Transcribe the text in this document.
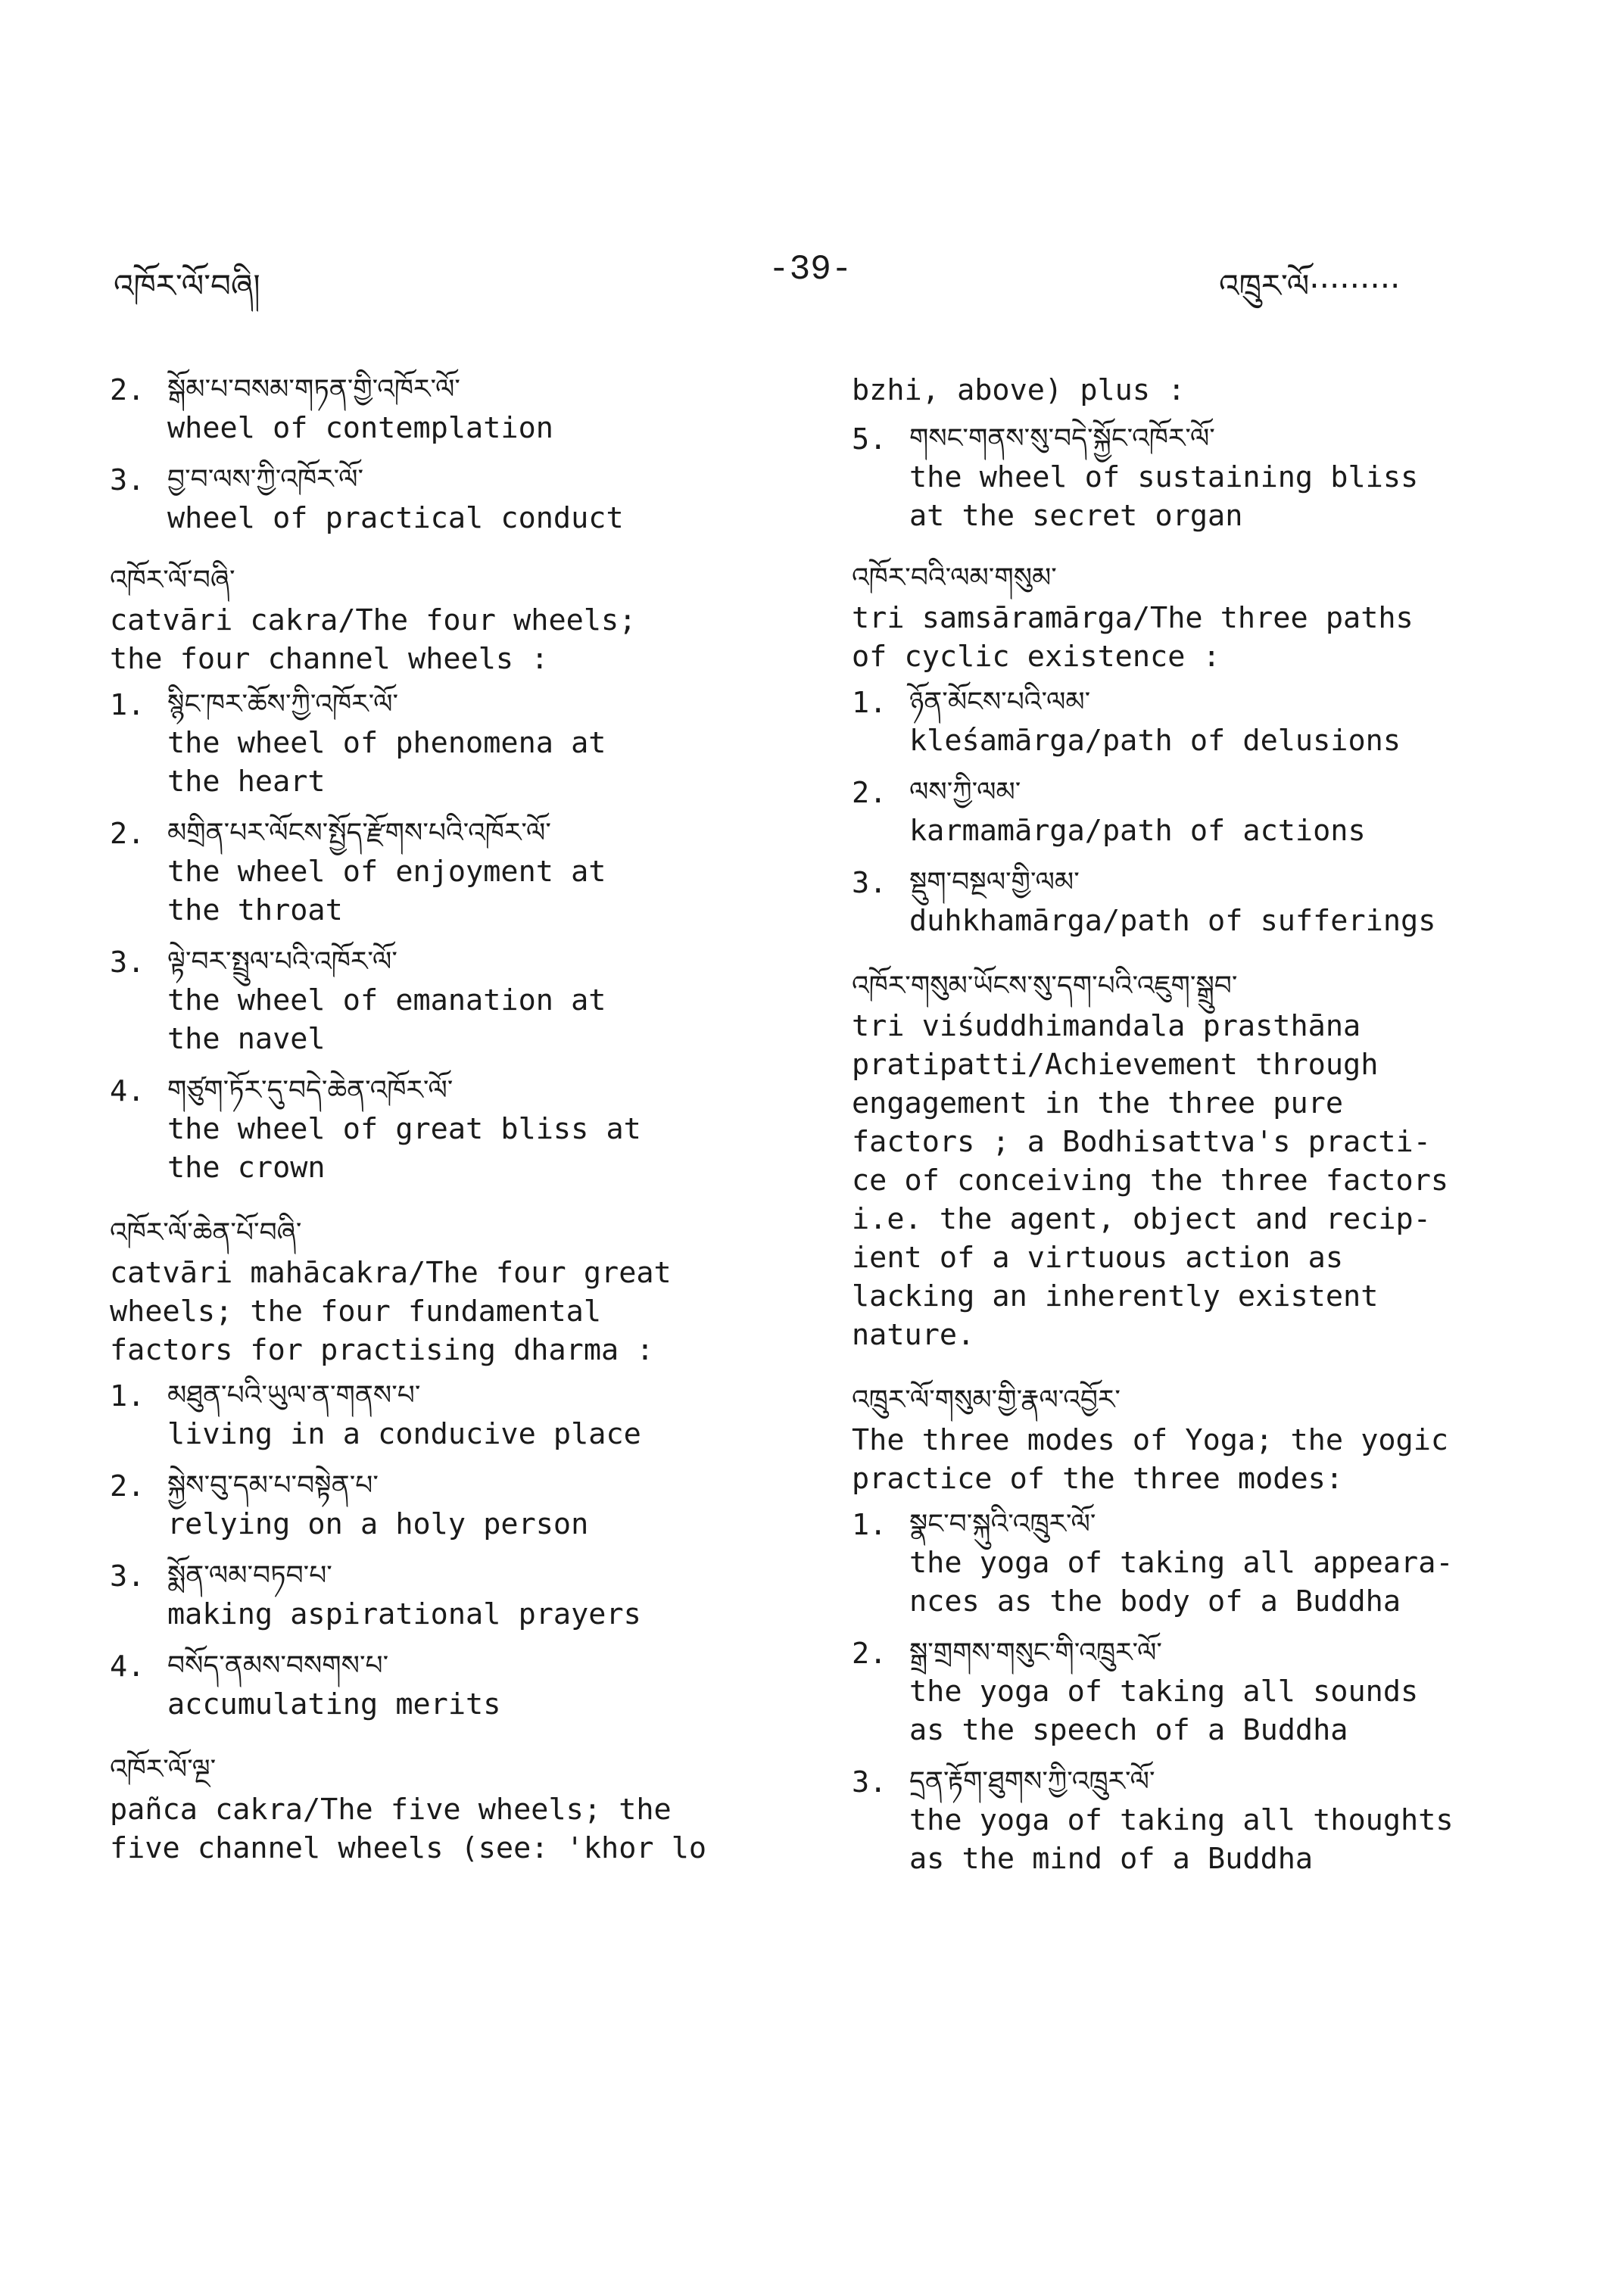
འཁོར་ལོ་བཞི།	-39-	འཁྲུར་ལོ·········
2. སྒོམ་པ་བསམ་གཏན་གྱི་འཁོར་ལོ་
wheel of contemplation
3. བྱ་བ་ལས་ཀྱི་འཁོར་ལོ་
wheel of practical conduct
འཁོར་ལོ་བཞི་
catvāri cakra/The four wheels;
the four channel wheels :
1. སྙིང་ཁར་ཆོས་ཀྱི་འཁོར་ལོ་
the wheel of phenomena at
the heart
2. མགྲིན་པར་ལོངས་སྤྱོད་རྫོགས་པའི་འཁོར་ལོ་
the wheel of enjoyment at
the throat
3. ལྟེ་བར་སྤྲུལ་པའི་འཁོར་ལོ་
the wheel of emanation at
the navel
4. གཙུག་ཏོར་དུ་བདེ་ཆེན་འཁོར་ལོ་
the wheel of great bliss at
the crown
འཁོར་ལོ་ཆེན་པོ་བཞི་
catvāri mahācakra/The four great
wheels; the four fundamental
factors for practising dharma :
1. མཐུན་པའི་ཡུལ་ན་གནས་པ་
living in a conducive place
2. སྐྱེས་བུ་དམ་པ་བསྟེན་པ་
relying on a holy person
3. སྨོན་ལམ་བཏབ་པ་
making aspirational prayers
4. བསོད་ནམས་བསགས་པ་
accumulating merits
འཁོར་ལོ་ལྔ་
pañca cakra/The five wheels; the
five channel wheels (see: 'khor lo
bzhi, above) plus :
5. གསང་གནས་སུ་བདེ་སྐྱོང་འཁོར་ལོ་
the wheel of sustaining bliss
at the secret organ
འཁོར་བའི་ལམ་གསུམ་
tri samsāramārga/The three paths
of cyclic existence :
1. ཉོན་མོངས་པའི་ལམ་
kleśamārga/path of delusions
2. ལས་ཀྱི་ལམ་
karmamārga/path of actions
3. སྡུག་བསྔལ་གྱི་ལམ་
duhkhamārga/path of sufferings
འཁོར་གསུམ་ཡོངས་སུ་དག་པའི་འཇུག་སྒྲུབ་
tri viśuddhimandala prasthāna
pratipatti/Achievement through
engagement in the three pure
factors ; a Bodhisattva's practi-
ce of conceiving the three factors
i.e. the agent, object and recip-
ient of a virtuous action as
lacking an inherently existent
nature.
འཁྲུར་ལོ་གསུམ་གྱི་རྣལ་འབྱོར་
The three modes of Yoga; the yogic
practice of the three modes:
1. སྣང་བ་སྐུའི་འཁྲུར་ལོ་
the yoga of taking all appeara-
nces as the body of a Buddha
2. སྒྲ་གྲགས་གསུང་གི་འཁྲུར་ལོ་
the yoga of taking all sounds
as the speech of a Buddha
3. དྲན་རྟོག་ཐུགས་ཀྱི་འཁྲུར་ལོ་
the yoga of taking all thoughts
as the mind of a Buddha
